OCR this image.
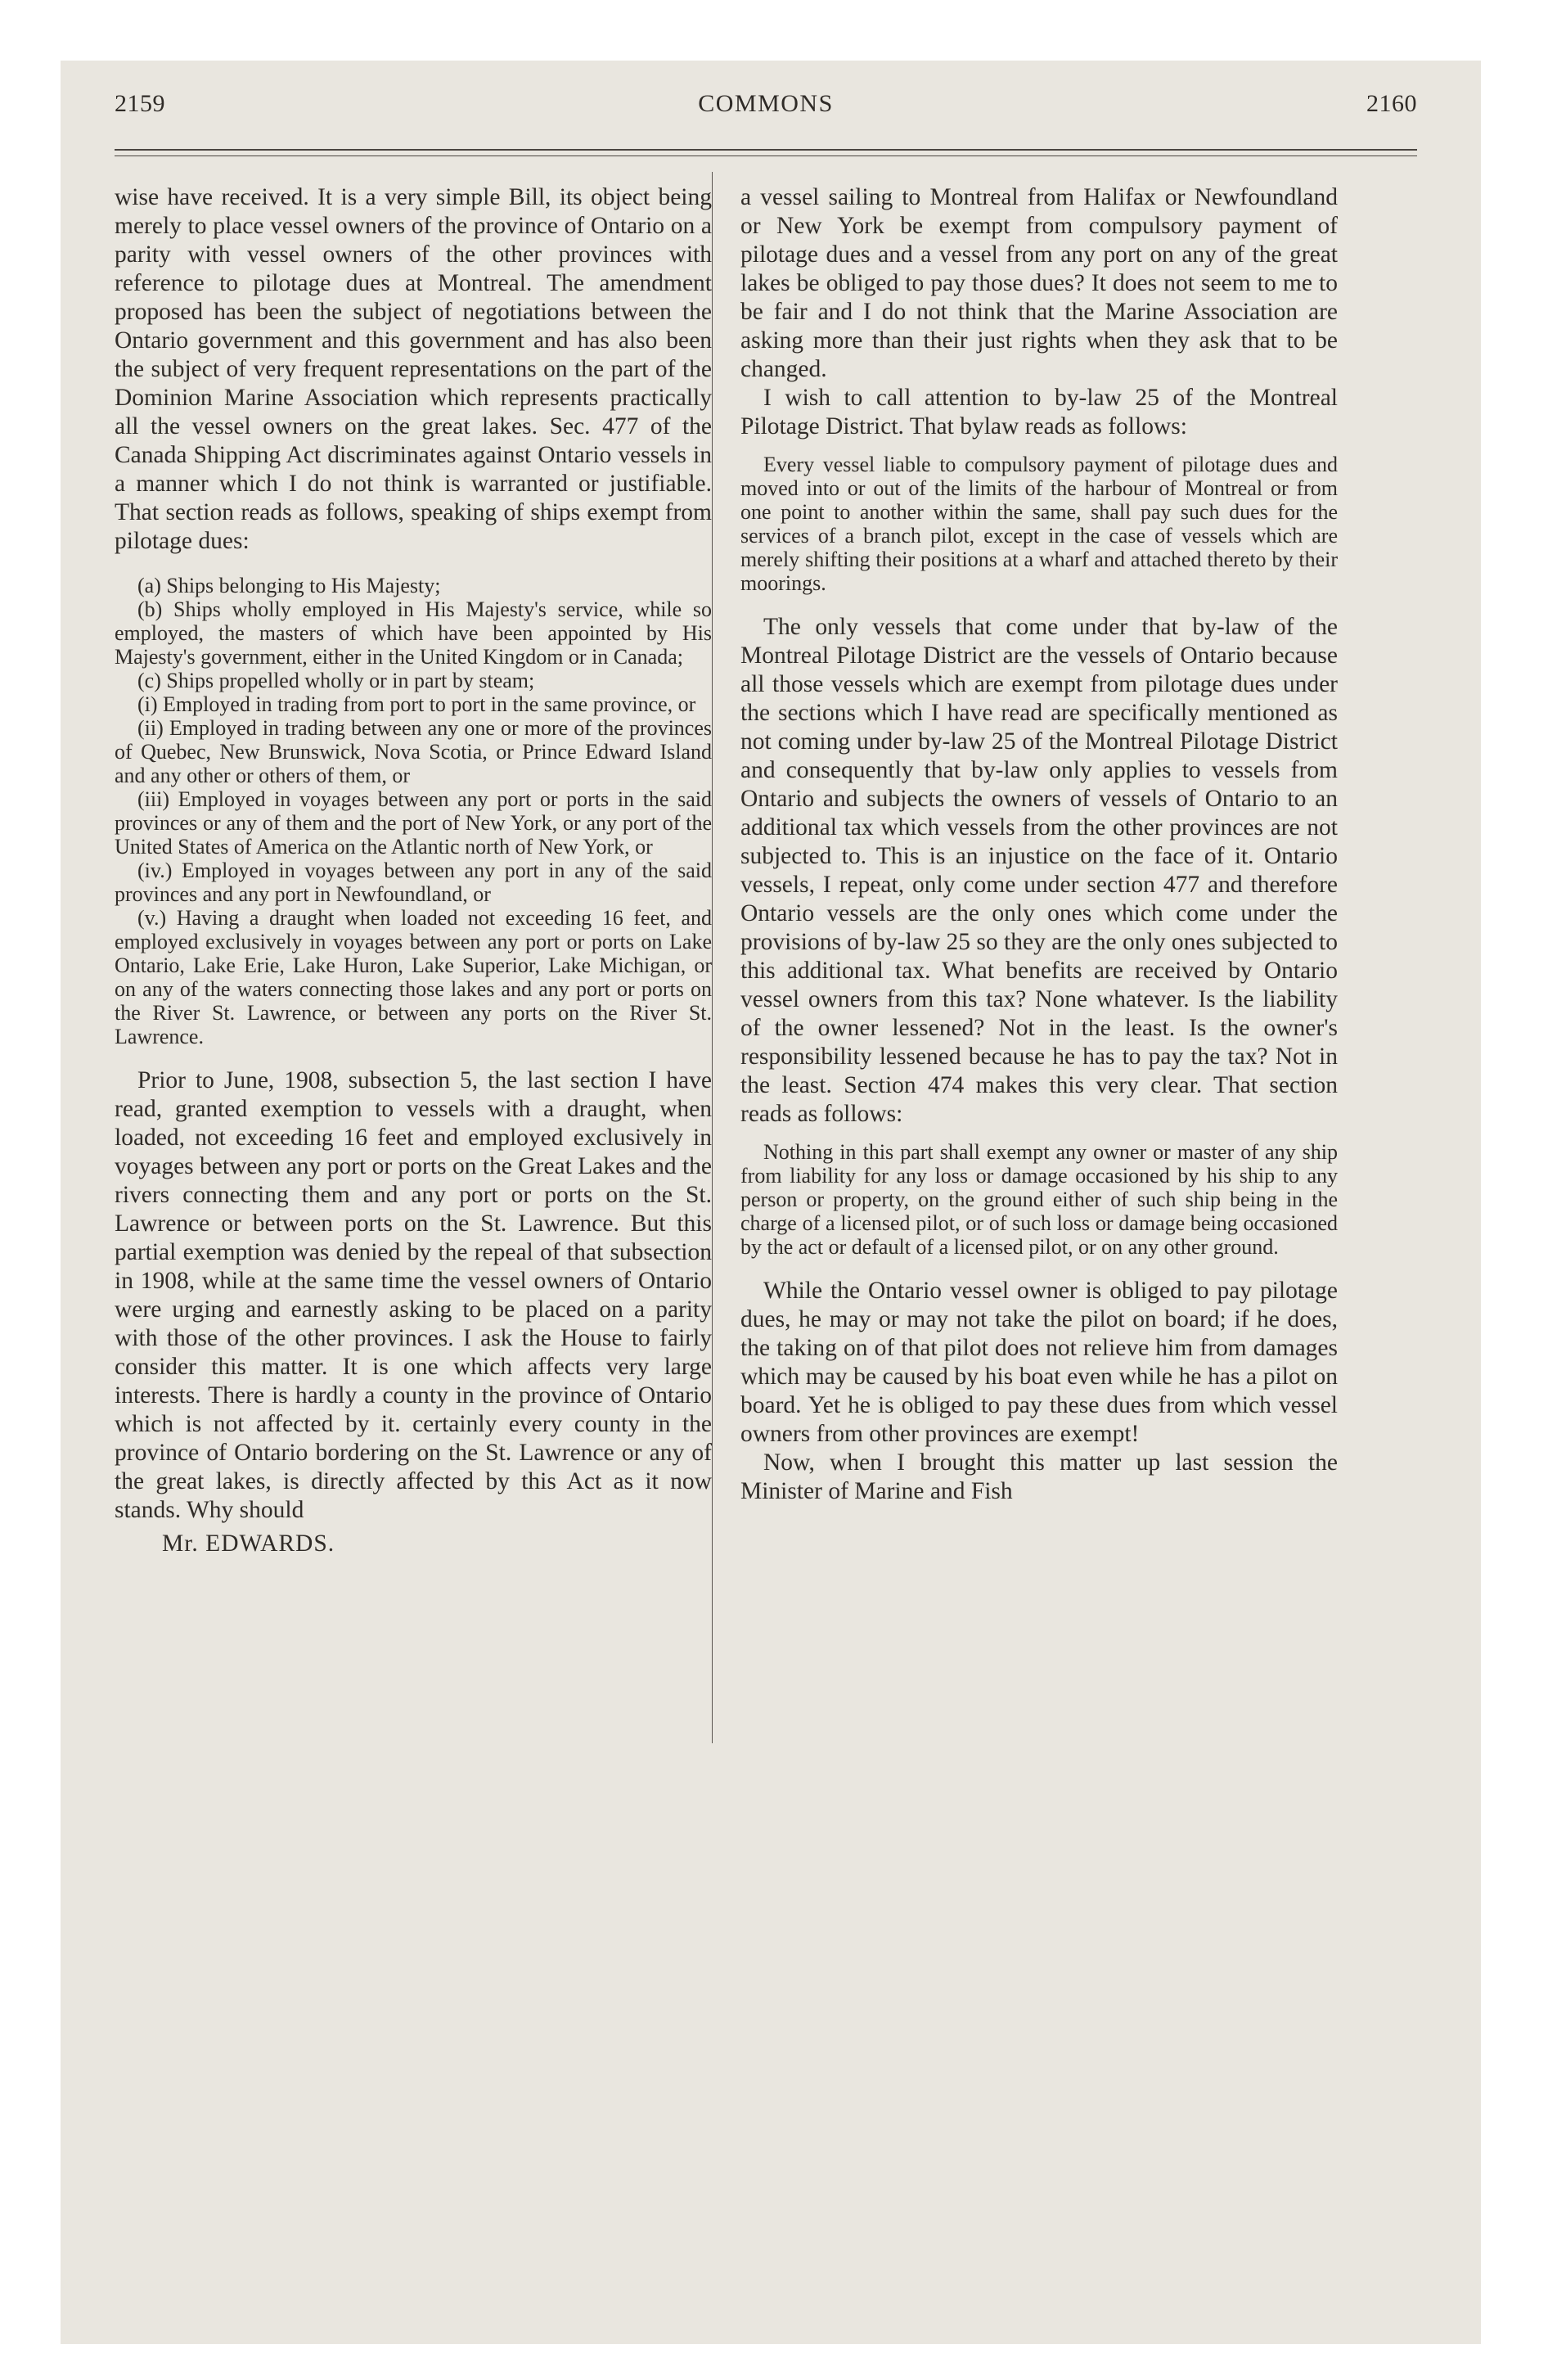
2159	COMMONS	2160

wise have received. It is a very simple Bill, its object being merely to place vessel owners of the province of Ontario on a parity with vessel owners of the other provinces with reference to pilotage dues at Montreal. The amendment proposed has been the subject of negotiations between the Ontario government and this government and has also been the subject of very frequent representations on the part of the Dominion Marine Association which represents practically all the vessel owners on the great lakes. Sec. 477 of the Canada Shipping Act discriminates against Ontario vessels in a manner which I do not think is warranted or justifiable. That section reads as follows, speaking of ships exempt from pilotage dues:

(a) Ships belonging to His Majesty;

(b) Ships wholly employed in His Majesty's service, while so employed, the masters of which have been appointed by His Majesty's government, either in the United Kingdom or in Canada;

(c) Ships propelled wholly or in part by steam;

(i) Employed in trading from port to port in the same province, or

(ii) Employed in trading between any one or more of the provinces of Quebec, New Brunswick, Nova Scotia, or Prince Edward Island and any other or others of them, or

(iii) Employed in voyages between any port or ports in the said provinces or any of them and the port of New York, or any port of the United States of America on the Atlantic north of New York, or

(iv.) Employed in voyages between any port in any of the said provinces and any port in Newfoundland, or

(v.) Having a draught when loaded not exceeding 16 feet, and employed exclusively in voyages between any port or ports on Lake Ontario, Lake Erie, Lake Huron, Lake Superior, Lake Michigan, or on any of the waters connecting those lakes and any port or ports on the River St. Lawrence, or between any ports on the River St. Lawrence.

Prior to June, 1908, subsection 5, the last section I have read, granted exemption to vessels with a draught, when loaded, not exceeding 16 feet and employed exclusively in voyages between any port or ports on the Great Lakes and the rivers connecting them and any port or ports on the St. Lawrence or between ports on the St. Lawrence. But this partial exemption was denied by the repeal of that subsection in 1908, while at the same time the vessel owners of Ontario were urging and earnestly asking to be placed on a parity with those of the other provinces. I ask the House to fairly consider this matter. It is one which affects very large interests. There is hardly a county in the province of Ontario which is not affected by it. certainly every county in the province of Ontario bordering on the St. Lawrence or any of the great lakes, is directly affected by this Act as it now stands. Why should

Mr. EDWARDS.

a vessel sailing to Montreal from Halifax or Newfoundland or New York be exempt from compulsory payment of pilotage dues and a vessel from any port on any of the great lakes be obliged to pay those dues? It does not seem to me to be fair and I do not think that the Marine Association are asking more than their just rights when they ask that to be changed.

I wish to call attention to by-law 25 of the Montreal Pilotage District. That bylaw reads as follows:

Every vessel liable to compulsory payment of pilotage dues and moved into or out of the limits of the harbour of Montreal or from one point to another within the same, shall pay such dues for the services of a branch pilot, except in the case of vessels which are merely shifting their positions at a wharf and attached thereto by their moorings.

The only vessels that come under that by-law of the Montreal Pilotage District are the vessels of Ontario because all those vessels which are exempt from pilotage dues under the sections which I have read are specifically mentioned as not coming under by-law 25 of the Montreal Pilotage District and consequently that by-law only applies to vessels from Ontario and subjects the owners of vessels of Ontario to an additional tax which vessels from the other provinces are not subjected to. This is an injustice on the face of it. Ontario vessels, I repeat, only come under section 477 and therefore Ontario vessels are the only ones which come under the provisions of by-law 25 so they are the only ones subjected to this additional tax. What benefits are received by Ontario vessel owners from this tax? None whatever. Is the liability of the owner lessened? Not in the least. Is the owner's responsibility lessened because he has to pay the tax? Not in the least. Section 474 makes this very clear. That section reads as follows:

Nothing in this part shall exempt any owner or master of any ship from liability for any loss or damage occasioned by his ship to any person or property, on the ground either of such ship being in the charge of a licensed pilot, or of such loss or damage being occasioned by the act or default of a licensed pilot, or on any other ground.

While the Ontario vessel owner is obliged to pay pilotage dues, he may or may not take the pilot on board; if he does, the taking on of that pilot does not relieve him from damages which may be caused by his boat even while he has a pilot on board. Yet he is obliged to pay these dues from which vessel owners from other provinces are exempt!

Now, when I brought this matter up last session the Minister of Marine and Fish
